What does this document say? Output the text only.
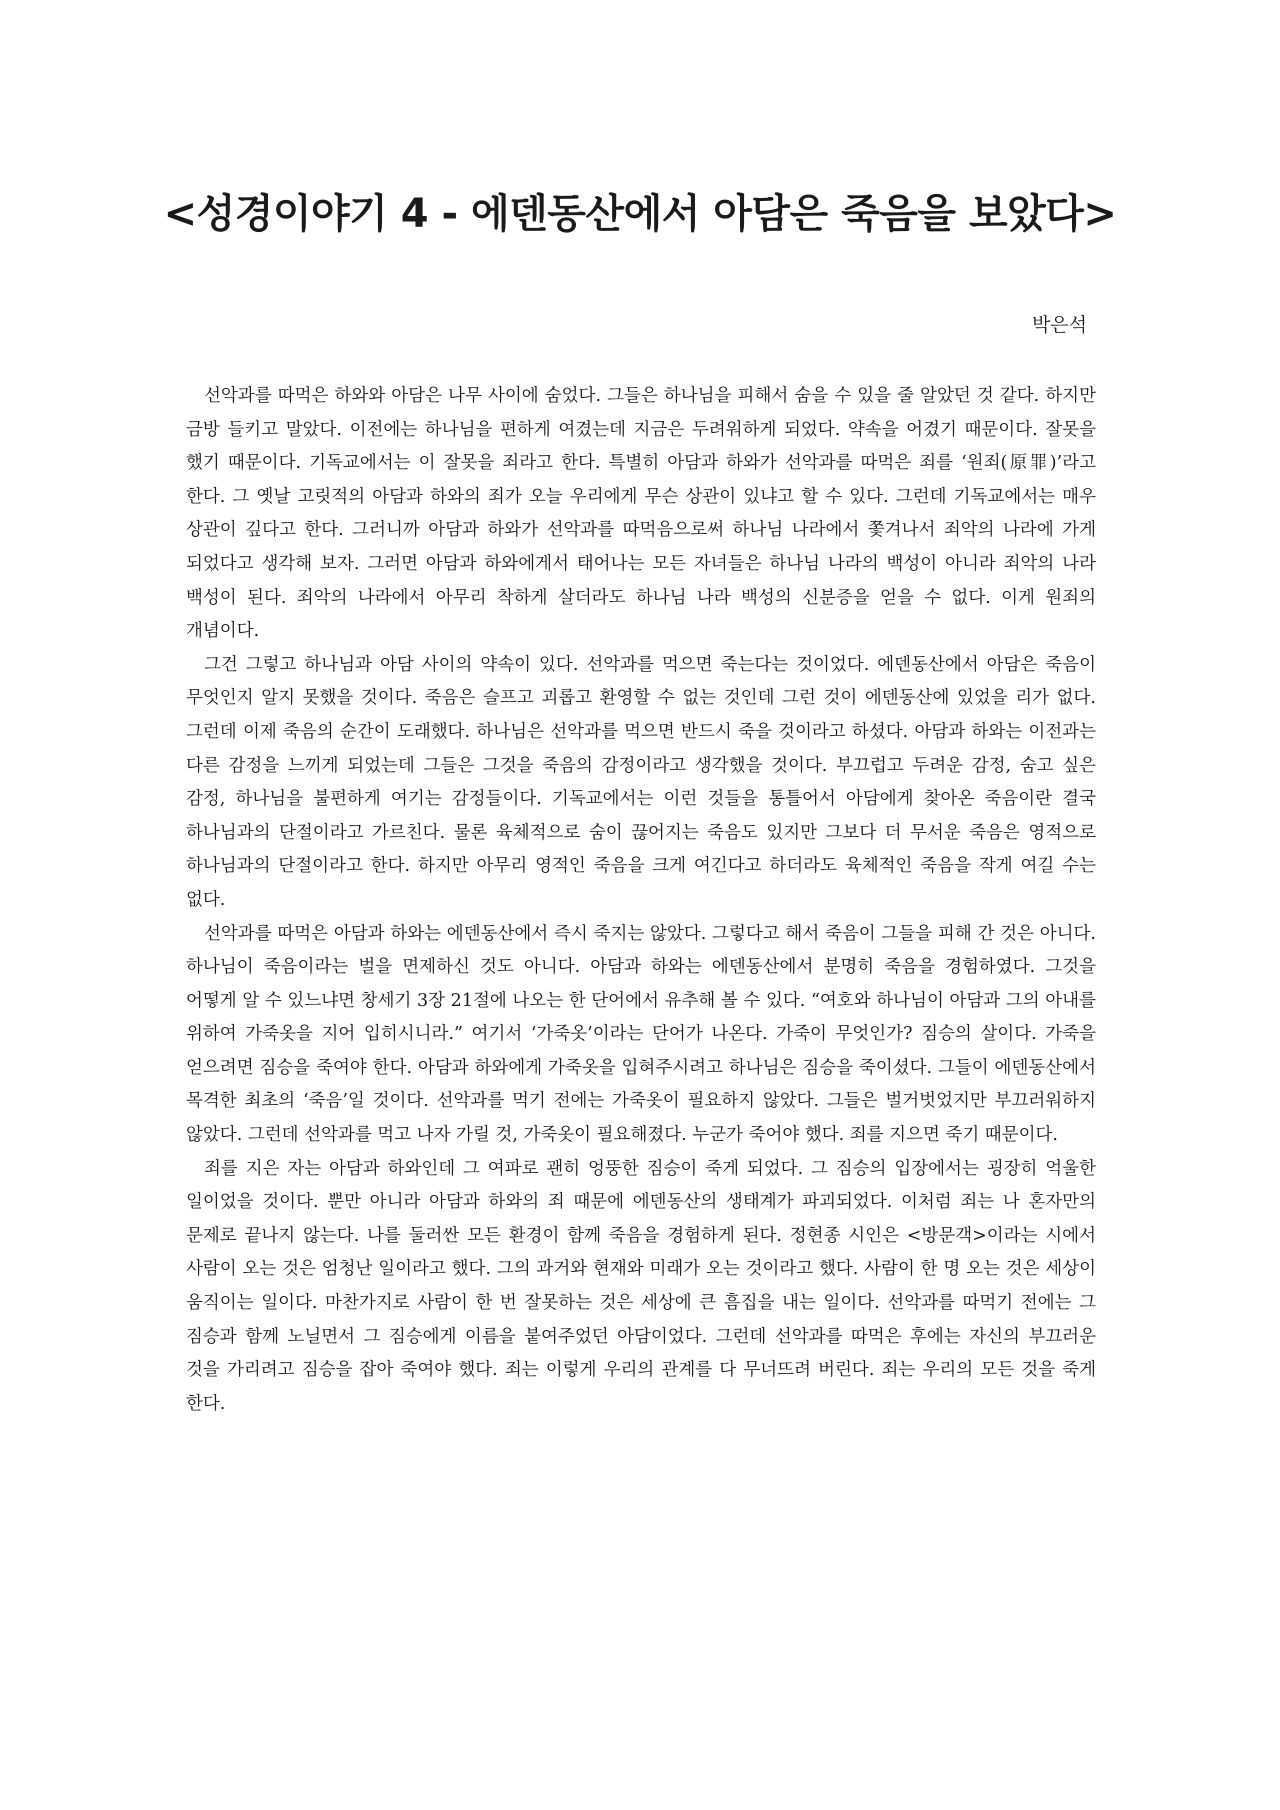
<성경이야기 4 - 에덴동산에서 아담은 죽음을 보았다>
박은석

선악과를 따먹은 하와와 아담은 나무 사이에 숨었다. 그들은 하나님을 피해서 숨을 수 있을 줄 알았던 것 같다. 하지만 금방 들키고 말았다. 이전에는 하나님을 편하게 여겼는데 지금은 두려워하게 되었다. 약속을 어겼기 때문이다. 잘못을 했기 때문이다. 기독교에서는 이 잘못을 죄라고 한다. 특별히 아담과 하와가 선악과를 따먹은 죄를 ‘원죄(原罪)’라고 한다. 그 옛날 고릿적의 아담과 하와의 죄가 오늘 우리에게 무슨 상관이 있냐고 할 수 있다. 그런데 기독교에서는 매우 상관이 깊다고 한다. 그러니까 아담과 하와가 선악과를 따먹음으로써 하나님 나라에서 쫓겨나서 죄악의 나라에 가게 되었다고 생각해 보자. 그러면 아담과 하와에게서 태어나는 모든 자녀들은 하나님 나라의 백성이 아니라 죄악의 나라 백성이 된다. 죄악의 나라에서 아무리 착하게 살더라도 하나님 나라 백성의 신분증을 얻을 수 없다. 이게 원죄의 개념이다.

그건 그렇고 하나님과 아담 사이의 약속이 있다. 선악과를 먹으면 죽는다는 것이었다. 에덴동산에서 아담은 죽음이 무엇인지 알지 못했을 것이다. 죽음은 슬프고 괴롭고 환영할 수 없는 것인데 그런 것이 에덴동산에 있었을 리가 없다. 그런데 이제 죽음의 순간이 도래했다. 하나님은 선악과를 먹으면 반드시 죽을 것이라고 하셨다. 아담과 하와는 이전과는 다른 감정을 느끼게 되었는데 그들은 그것을 죽음의 감정이라고 생각했을 것이다. 부끄럽고 두려운 감정, 숨고 싶은 감정, 하나님을 불편하게 여기는 감정들이다. 기독교에서는 이런 것들을 통틀어서 아담에게 찾아온 죽음이란 결국 하나님과의 단절이라고 가르친다. 물론 육체적으로 숨이 끊어지는 죽음도 있지만 그보다 더 무서운 죽음은 영적으로 하나님과의 단절이라고 한다. 하지만 아무리 영적인 죽음을 크게 여긴다고 하더라도 육체적인 죽음을 작게 여길 수는 없다.

선악과를 따먹은 아담과 하와는 에덴동산에서 즉시 죽지는 않았다. 그렇다고 해서 죽음이 그들을 피해 간 것은 아니다. 하나님이 죽음이라는 벌을 면제하신 것도 아니다. 아담과 하와는 에덴동산에서 분명히 죽음을 경험하였다. 그것을 어떻게 알 수 있느냐면 창세기 3장 21절에 나오는 한 단어에서 유추해 볼 수 있다. “여호와 하나님이 아담과 그의 아내를 위하여 가죽옷을 지어 입히시니라.” 여기서 ‘가죽옷’이라는 단어가 나온다. 가죽이 무엇인가? 짐승의 살이다. 가죽을 얻으려면 짐승을 죽여야 한다. 아담과 하와에게 가죽옷을 입혀주시려고 하나님은 짐승을 죽이셨다. 그들이 에덴동산에서 목격한 최초의 ‘죽음’일 것이다. 선악과를 먹기 전에는 가죽옷이 필요하지 않았다. 그들은 벌거벗었지만 부끄러워하지 않았다. 그런데 선악과를 먹고 나자 가릴 것, 가죽옷이 필요해졌다. 누군가 죽어야 했다. 죄를 지으면 죽기 때문이다.

죄를 지은 자는 아담과 하와인데 그 여파로 괜히 엉뚱한 짐승이 죽게 되었다. 그 짐승의 입장에서는 굉장히 억울한 일이었을 것이다. 뿐만 아니라 아담과 하와의 죄 때문에 에덴동산의 생태계가 파괴되었다. 이처럼 죄는 나 혼자만의 문제로 끝나지 않는다. 나를 둘러싼 모든 환경이 함께 죽음을 경험하게 된다. 정현종 시인은 <방문객>이라는 시에서 사람이 오는 것은 엄청난 일이라고 했다. 그의 과거와 현재와 미래가 오는 것이라고 했다. 사람이 한 명 오는 것은 세상이 움직이는 일이다. 마찬가지로 사람이 한 번 잘못하는 것은 세상에 큰 흠집을 내는 일이다. 선악과를 따먹기 전에는 그 짐승과 함께 노닐면서 그 짐승에게 이름을 붙여주었던 아담이었다. 그런데 선악과를 따먹은 후에는 자신의 부끄러운 것을 가리려고 짐승을 잡아 죽여야 했다. 죄는 이렇게 우리의 관계를 다 무너뜨려 버린다. 죄는 우리의 모든 것을 죽게 한다.
